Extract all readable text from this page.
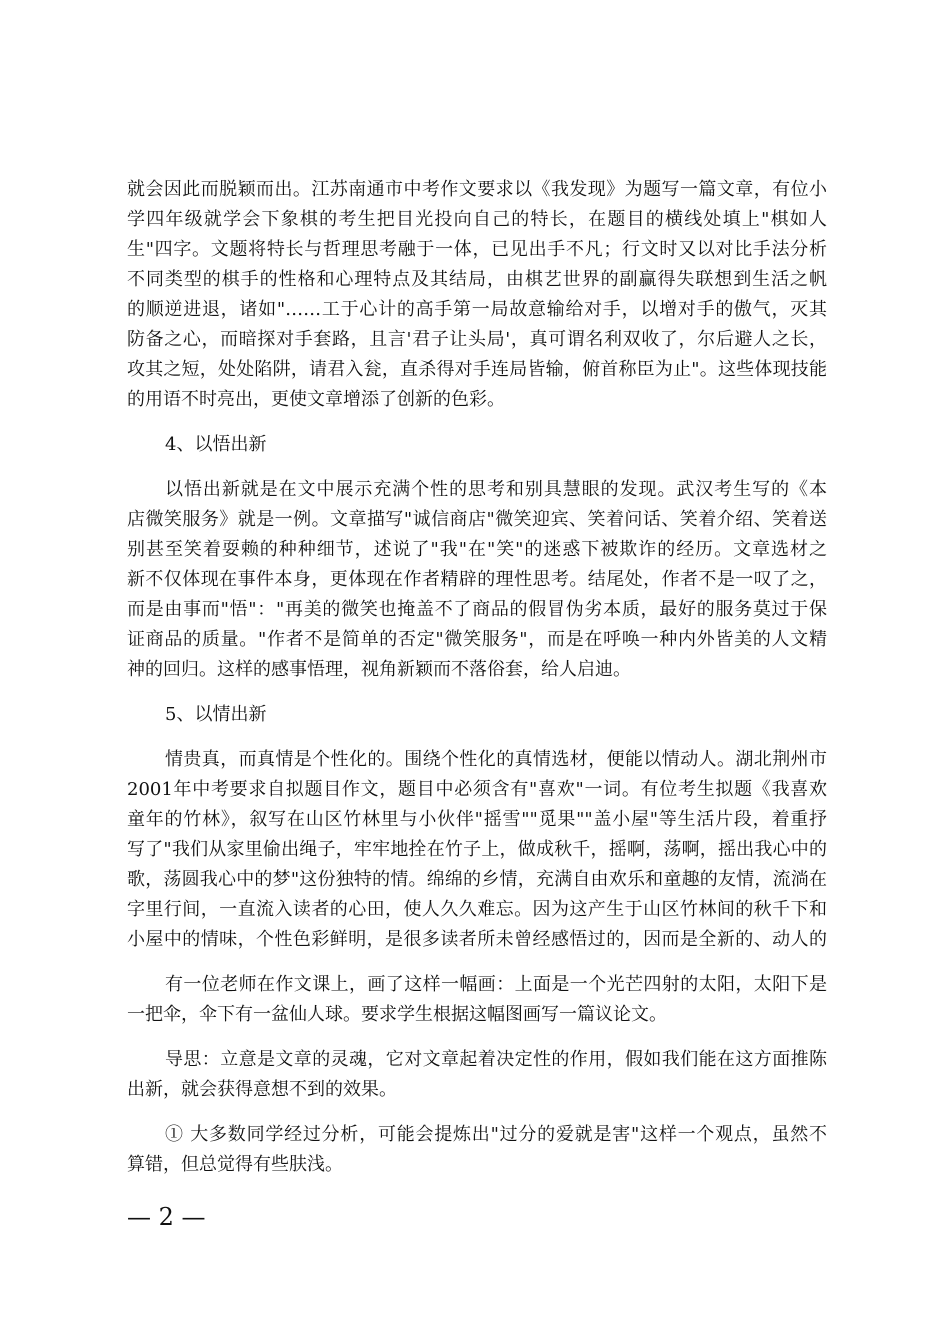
就会因此而脱颖而出。江苏南通市中考作文要求以《我发现》为题写一篇文章，有位小
学四年级就学会下象棋的考生把目光投向自己的特长，在题目的横线处填上"棋如人
生"四字。文题将特长与哲理思考融于一体，已见出手不凡；行文时又以对比手法分析
不同类型的棋手的性格和心理特点及其结局，由棋艺世界的副赢得失联想到生活之帆
的顺逆进退，诸如"……工于心计的高手第一局故意输给对手，以增对手的傲气，灭其
防备之心，而暗探对手套路，且言'君子让头局'，真可谓名利双收了，尔后避人之长，
攻其之短，处处陷阱，请君入瓮，直杀得对手连局皆输，俯首称臣为止"。这些体现技能
的用语不时亮出，更使文章增添了创新的色彩。
4、以悟出新
以悟出新就是在文中展示充满个性的思考和别具慧眼的发现。武汉考生写的《本
店微笑服务》就是一例。文章描写"诚信商店"微笑迎宾、笑着问话、笑着介绍、笑着送
别甚至笑着耍赖的种种细节，述说了"我"在"笑"的迷惑下被欺诈的经历。文章选材之
新不仅体现在事件本身，更体现在作者精辟的理性思考。结尾处，作者不是一叹了之，
而是由事而"悟"："再美的微笑也掩盖不了商品的假冒伪劣本质，最好的服务莫过于保
证商品的质量。"作者不是简单的否定"微笑服务"，而是在呼唤一种内外皆美的人文精
神的回归。这样的感事悟理，视角新颖而不落俗套，给人启迪。
5、以情出新
情贵真，而真情是个性化的。围绕个性化的真情选材，便能以情动人。湖北荆州市
2001年中考要求自拟题目作文，题目中必须含有"喜欢"一词。有位考生拟题《我喜欢
童年的竹林》，叙写在山区竹林里与小伙伴"摇雪""觅果""盖小屋"等生活片段，着重抒
写了"我们从家里偷出绳子，牢牢地拴在竹子上，做成秋千，摇啊，荡啊，摇出我心中的
歌，荡圆我心中的梦"这份独特的情。绵绵的乡情，充满自由欢乐和童趣的友情，流淌在
字里行间，一直流入读者的心田，使人久久难忘。因为这产生于山区竹林间的秋千下和
小屋中的情味，个性色彩鲜明，是很多读者所未曾经感悟过的，因而是全新的、动人的
有一位老师在作文课上，画了这样一幅画：上面是一个光芒四射的太阳，太阳下是
一把伞，伞下有一盆仙人球。要求学生根据这幅图画写一篇议论文。
导思：立意是文章的灵魂，它对文章起着决定性的作用，假如我们能在这方面推陈
出新，就会获得意想不到的效果。
① 大多数同学经过分析，可能会提炼出"过分的爱就是害"这样一个观点，虽然不
算错，但总觉得有些肤浅。
— 2 —
